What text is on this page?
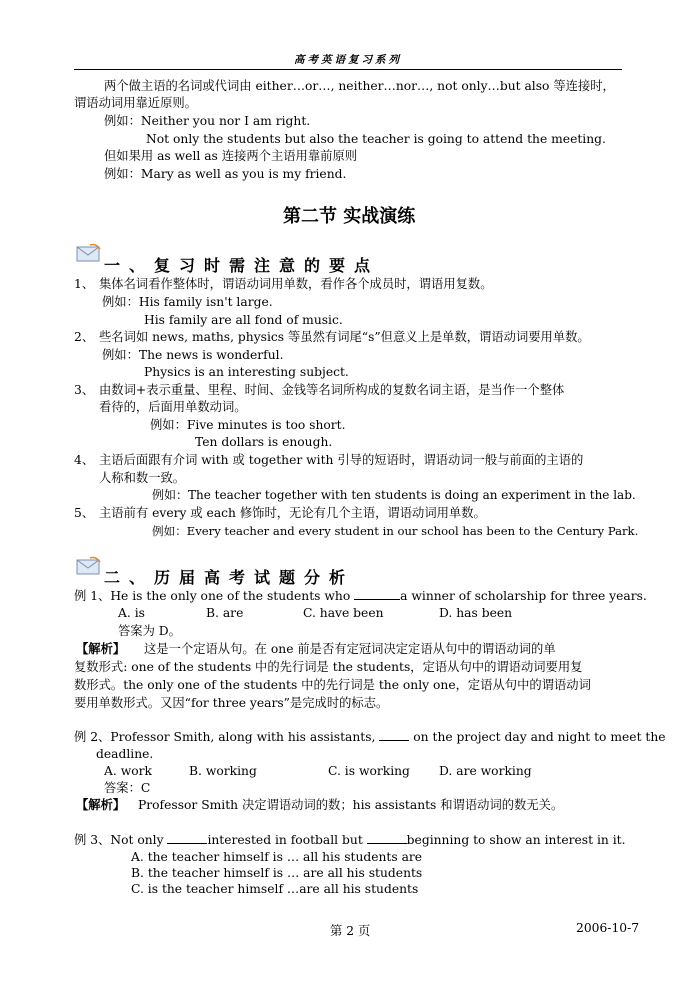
高考英语复习系列
两个做主语的名词或代词由 either…or…, neither…nor…, not only…but also 等连接时，
谓语动词用靠近原则。
例如：Neither you nor I am right.
Not only the students but also the teacher is going to attend the meeting.
但如果用 as well as 连接两个主语用靠前原则
例如：Mary as well as you is my friend.
第二节 实战演练
一、复习时需注意的要点
1、 集体名词看作整体时，谓语动词用单数，看作各个成员时，谓语用复数。
例如：His family isn't large.
His family are all fond of music.
2、 些名词如 news, maths, physics 等虽然有词尾“s”但意义上是单数，谓语动词要用单数。
例如：The news is wonderful.
Physics is an interesting subject.
3、 由数词+表示重量、里程、时间、金钱等名词所构成的复数名词主语，是当作一个整体
看待的，后面用单数动词。
例如：Five minutes is too short.
Ten dollars is enough.
4、 主语后面跟有介词 with 或 together with 引导的短语时，谓语动词一般与前面的主语的
人称和数一致。
例如：The teacher together with ten students is doing an experiment in the lab.
5、 主语前有 every 或 each 修饰时，无论有几个主语，谓语动词用单数。
例如：Every teacher and every student in our school has been to the Century Park.
二、历届高考试题分析
例 1、He is the only one of the students who	a winner of scholarship for three years.
A. is	B. are	C. have been	D. has been
答案为 D。
【解析】 这是一个定语从句。在 one 前是否有定冠词决定定语从句中的谓语动词的单
复数形式: one of the students 中的先行词是 the students，定语从句中的谓语动词要用复
数形式。the only one of the students 中的先行词是 the only one，定语从句中的谓语动词
要用单数形式。又因“for three years”是完成时的标志。
例 2、Professor Smith, along with his assistants,  on the project day and night to meet the
deadline.
A. work	B. working	C. is working D. are working
答案：C
【解析】 Professor Smith 决定谓语动词的数；his assistants 和谓语动词的数无关。
例 3、Not only	interested in football but	beginning to show an interest in it.
A. the teacher himself is … all his students are
B. the teacher himself is … are all his students
C. is the teacher himself …are all his students
第 2 页	2006-10-7
